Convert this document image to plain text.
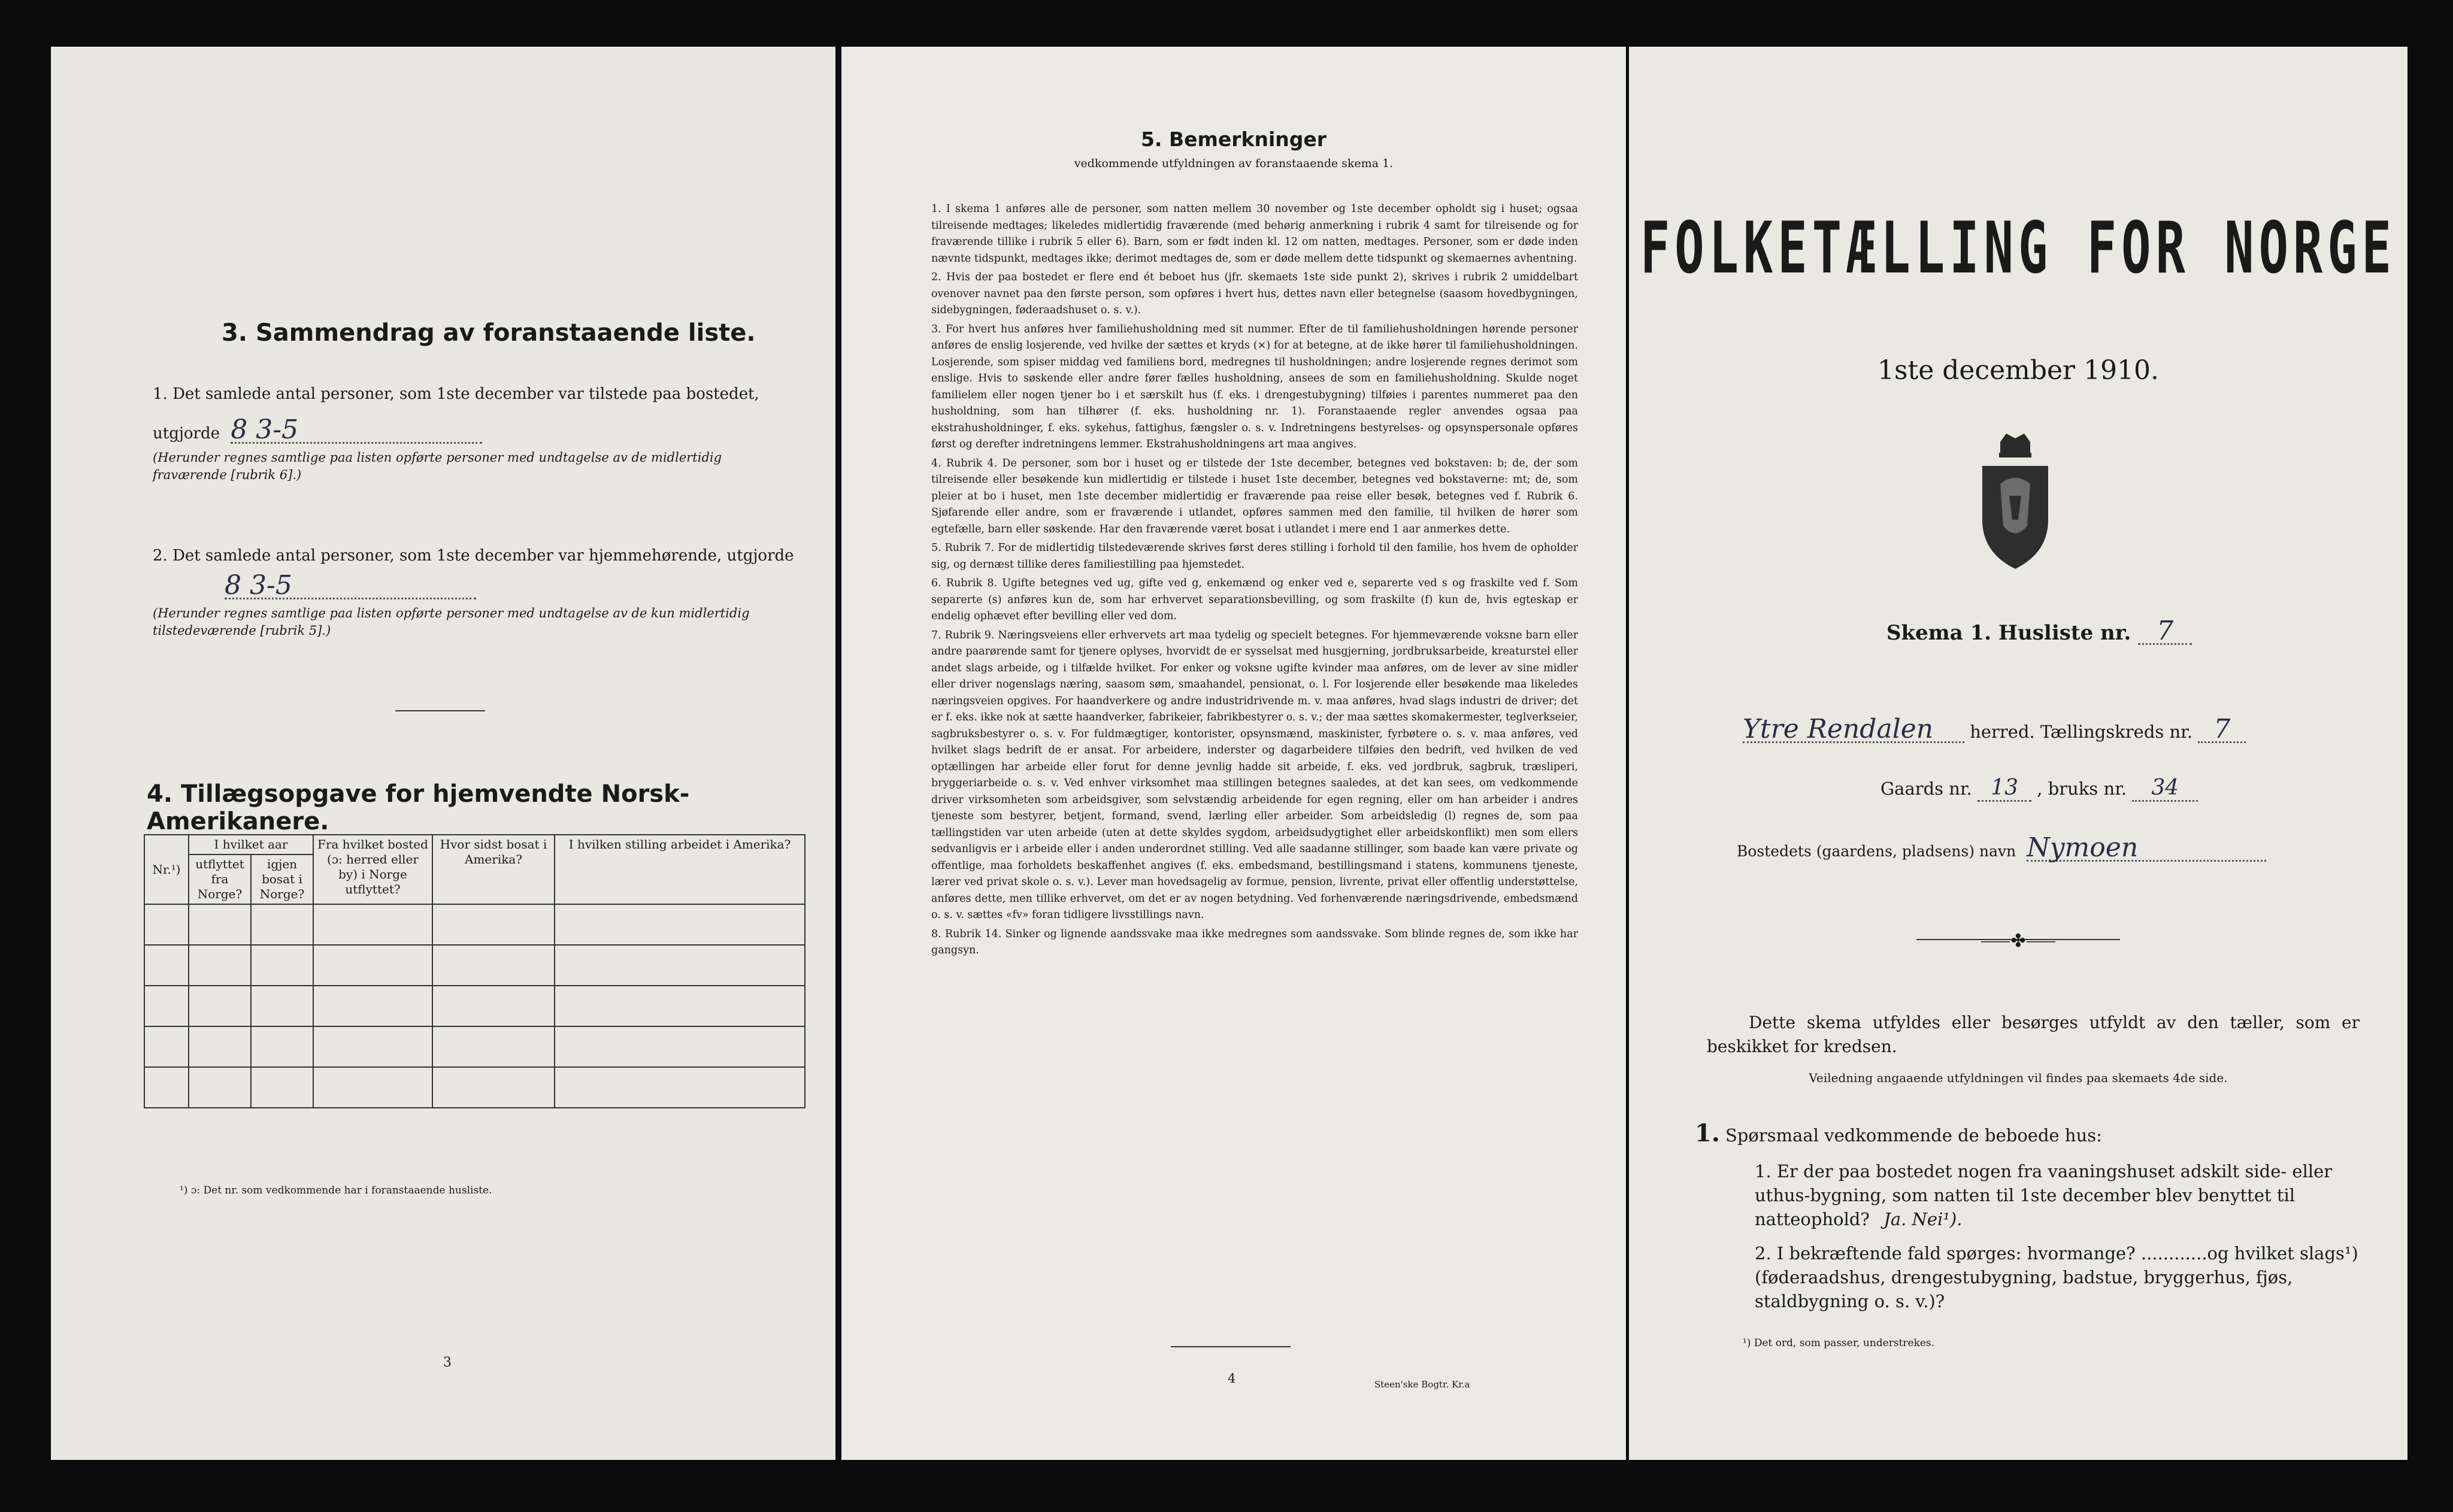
3. Sammendrag av foranstaaende liste.
1. Det samlede antal personer, som 1ste december var tilstede paa bostedet,
utgjorde 8 3-5
(Herunder regnes samtlige paa listen opførte personer med undtagelse av de midlertidig fraværende [rubrik 6].)
2. Det samlede antal personer, som 1ste december var hjemmehørende, utgjorde
8 3-5
(Herunder regnes samtlige paa listen opførte personer med undtagelse av de kun midlertidig tilstedeværende [rubrik 5].)
4. Tillægsopgave for hjemvendte Norsk-Amerikanere.
Nr.¹)	I hvilket aar		Fra hvilket bosted (ɔ: herred eller by) i Norge utflyttet?	Hvor sidst bosat i Amerika?	I hvilken stilling arbeidet i Amerika?
	utflyttet fra Norge?	igjen bosat i Norge?			

¹) ɔ: Det nr. som vedkommende har i foranstaaende husliste.
3
5. Bemerkninger
vedkommende utfyldningen av foranstaaende skema 1.

1. I skema 1 anføres alle de personer, som natten mellem 30 november og 1ste december opholdt sig i huset; ogsaa tilreisende medtages; likeledes midlertidig fraværende (med behørig anmerkning i rubrik 4 samt for tilreisende og for fraværende tillike i rubrik 5 eller 6). Barn, som er født inden kl. 12 om natten, medtages. Personer, som er døde inden nævnte tidspunkt, medtages ikke; derimot medtages de, som er døde mellem dette tidspunkt og skemaernes avhentning.

2. Hvis der paa bostedet er flere end ét beboet hus (jfr. skemaets 1ste side punkt 2), skrives i rubrik 2 umiddelbart ovenover navnet paa den første person, som opføres i hvert hus, dettes navn eller betegnelse (saasom hovedbygningen, sidebygningen, føderaadshuset o. s. v.).

3. For hvert hus anføres hver familiehusholdning med sit nummer. Efter de til familiehusholdningen hørende personer anføres de enslig losjerende, ved hvilke der sættes et kryds (×) for at betegne, at de ikke hører til familiehusholdningen. Losjerende, som spiser middag ved familiens bord, medregnes til husholdningen; andre losjerende regnes derimot som enslige. Hvis to søskende eller andre fører fælles husholdning, ansees de som en familiehusholdning. Skulde noget familielem eller nogen tjener bo i et særskilt hus (f. eks. i drengestubygning) tilføies i parentes nummeret paa den husholdning, som han tilhører (f. eks. husholdning nr. 1). Foranstaaende regler anvendes ogsaa paa ekstrahusholdninger, f. eks. sykehus, fattighus, fængsler o. s. v. Indretningens bestyrelses- og opsynspersonale opføres først og derefter indretningens lemmer. Ekstrahusholdningens art maa angives.

4. Rubrik 4. De personer, som bor i huset og er tilstede der 1ste december, betegnes ved bokstaven: b; de, der som tilreisende eller besøkende kun midlertidig er tilstede i huset 1ste december, betegnes ved bokstaverne: mt; de, som pleier at bo i huset, men 1ste december midlertidig er fraværende paa reise eller besøk, betegnes ved f. Rubrik 6. Sjøfarende eller andre, som er fraværende i utlandet, opføres sammen med den familie, til hvilken de hører som egtefælle, barn eller søskende. Har den fraværende været bosat i utlandet i mere end 1 aar anmerkes dette.

5. Rubrik 7. For de midlertidig tilstedeværende skrives først deres stilling i forhold til den familie, hos hvem de opholder sig, og dernæst tillike deres familiestilling paa hjemstedet.

6. Rubrik 8. Ugifte betegnes ved ug, gifte ved g, enkemænd og enker ved e, separerte ved s og fraskilte ved f. Som separerte (s) anføres kun de, som har erhvervet separationsbevilling, og som fraskilte (f) kun de, hvis egteskap er endelig ophævet efter bevilling eller ved dom.

7. Rubrik 9. Næringsveiens eller erhvervets art maa tydelig og specielt betegnes. For hjemmeværende voksne barn eller andre paarørende samt for tjenere oplyses, hvorvidt de er sysselsat med husgjerning, jordbruksarbeide, kreaturstel eller andet slags arbeide, og i tilfælde hvilket. For enker og voksne ugifte kvinder maa anføres, om de lever av sine midler eller driver nogenslags næring, saasom søm, smaahandel, pensionat, o. l. For losjerende eller besøkende maa likeledes næringsveien opgives. For haandverkere og andre industridrivende m. v. maa anføres, hvad slags industri de driver; det er f. eks. ikke nok at sætte haandverker, fabrikeier, fabrikbestyrer o. s. v.; der maa sættes skomakermester, teglverkseier, sagbruksbestyrer o. s. v. For fuldmægtiger, kontorister, opsynsmænd, maskinister, fyrbøtere o. s. v. maa anføres, ved hvilket slags bedrift de er ansat. For arbeidere, inderster og dagarbeidere tilføies den bedrift, ved hvilken de ved optællingen har arbeide eller forut for denne jevnlig hadde sit arbeide, f. eks. ved jordbruk, sagbruk, træsliperi, bryggeriarbeide o. s. v. Ved enhver virksomhet maa stillingen betegnes saaledes, at det kan sees, om vedkommende driver virksomheten som arbeidsgiver, som selvstændig arbeidende for egen regning, eller om han arbeider i andres tjeneste som bestyrer, betjent, formand, svend, lærling eller arbeider. Som arbeidsledig (l) regnes de, som paa tællingstiden var uten arbeide (uten at dette skyldes sygdom, arbeidsudygtighet eller arbeidskonflikt) men som ellers sedvanligvis er i arbeide eller i anden underordnet stilling. Ved alle saadanne stillinger, som baade kan være private og offentlige, maa forholdets beskaffenhet angives (f. eks. embedsmand, bestillingsmand i statens, kommunens tjeneste, lærer ved privat skole o. s. v.). Lever man hovedsagelig av formue, pension, livrente, privat eller offentlig understøttelse, anføres dette, men tillike erhvervet, om det er av nogen betydning. Ved forhenværende næringsdrivende, embedsmænd o. s. v. sættes «fv» foran tidligere livsstillings navn.

8. Rubrik 14. Sinker og lignende aandssvake maa ikke medregnes som aandssvake. Som blinde regnes de, som ikke har gangsyn.

4	Steen'ske Bogtr. Kr.a
FOLKETÆLLING FOR NORGE
1ste december 1910.
Skema 1. Husliste nr. 7
Ytre Rendalen herred. Tællingskreds nr. 7
Gaards nr. 13 , bruks nr. 34
Bostedets (gaardens, pladsens) navn Nymoen
⸺✤⸺
Dette skema utfyldes eller besørges utfyldt av den tæller, som er beskikket for kredsen.
Veiledning angaaende utfyldningen vil findes paa skemaets 4de side.
1. Spørsmaal vedkommende de beboede hus:
1. Er der paa bostedet nogen fra vaaningshuset adskilt side- eller uthus-bygning, som natten til 1ste december blev benyttet til natteophold? Ja. Nei¹).
2. I bekræftende fald spørges: hvormange? ............og hvilket slags¹) (føderaadshus, drengestubygning, badstue, bryggerhus, fjøs, staldbygning o. s. v.)?
¹) Det ord, som passer, understrekes.
